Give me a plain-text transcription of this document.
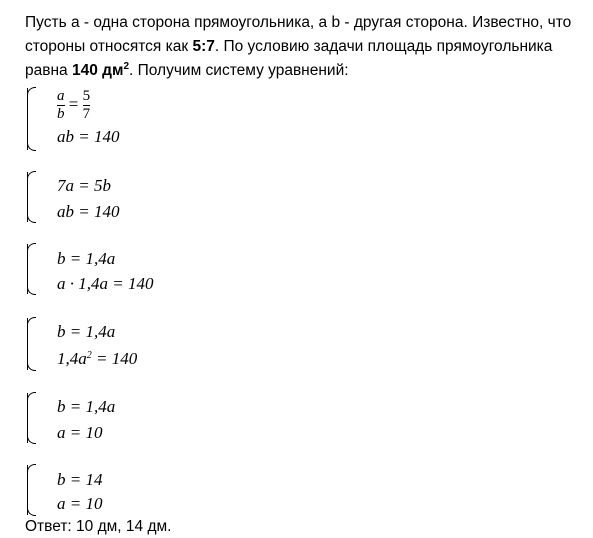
Пусть a - одна сторона прямоугольника, а b - другая сторона. Известно, что стороны относятся как 5:7. По условию задачи площадь прямоугольника равна 140 $дм^2$. Получим систему уравнений:
$\frac{a}{b} = \frac{5}{7}$
ab = 140
7a = 5b
ab = 140
b = 1,4a
a · 1,4a = 140
b = 1,4a
$1,4a^2 = 140$
b = 1,4a
a = 10
b = 14
a = 10
Ответ: 10 дм, 14 дм.
